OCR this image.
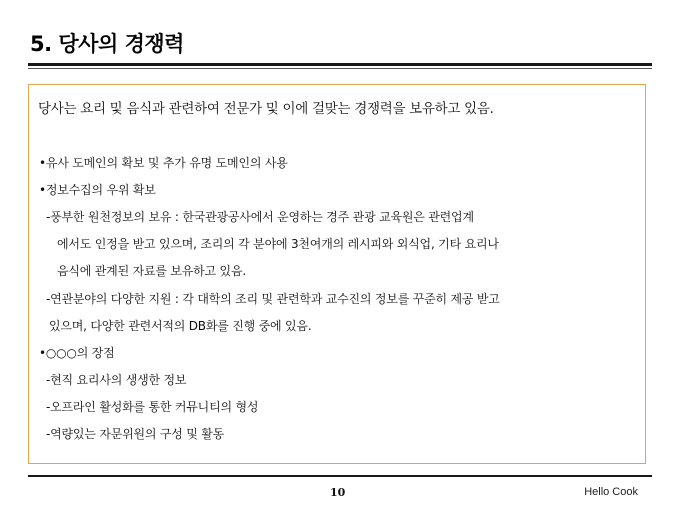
5. 당사의 경쟁력
당사는 요리 및 음식과 관련하여 전문가 및 이에 걸맞는 경쟁력을 보유하고 있음.
•유사 도메인의 확보 및 추가 유명 도메인의 사용
•정보수집의 우위 확보
-풍부한 원천정보의 보유 : 한국관광공사에서 운영하는 경주 관광 교육원은 관련업계
에서도 인정을 받고 있으며, 조리의 각 분야에 3천여개의 레시피와 외식업, 기타 요리나
음식에 관계된 자료를 보유하고 있음.
-연관분야의 다양한 지원 : 각 대학의 조리 및 관련학과 교수진의 정보를 꾸준히 제공 받고
있으며, 다양한 관련서적의 DB화를 진행 중에 있음.
•○○○의 장점
-현직 요리사의 생생한 정보
-오프라인 활성화를 통한 커뮤니티의 형성
-역량있는 자문위원의 구성 및 활동
10	Hello Cook
